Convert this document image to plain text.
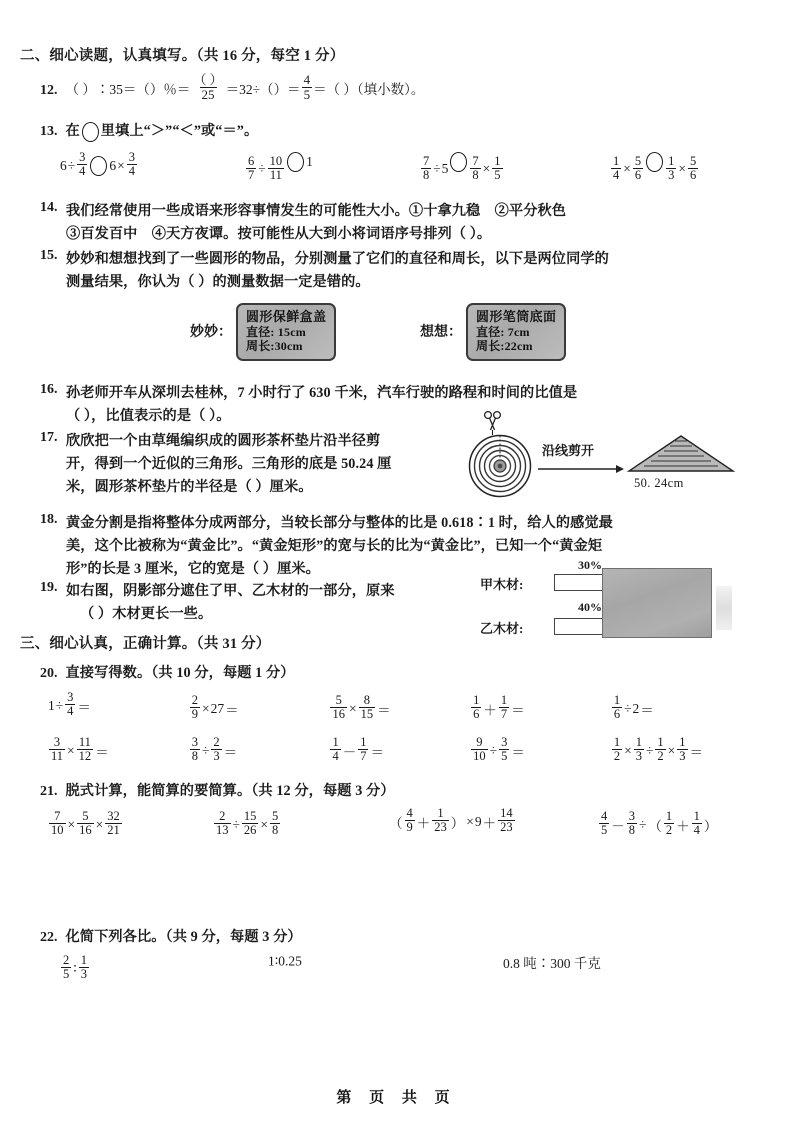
二、细心读题，认真填写。（共 16 分，每空 1 分）
12. （ ）∶35＝（ ）％＝ $\frac{( )}{25} =32\div$（ ）＝ $\frac{4}{5}$ ＝（ ）（填小数）。
13. 在 里填上“＞”“＜”或“＝”。
$6 \div \frac{3}{4} 6 \times \frac{3}{4}$	$\frac{6}{7} \div \frac{10}{11} 1$	$\frac{7}{8} \div 5 \frac{7}{8} \times \frac{1}{5}$	$\frac{1}{4} \times \frac{5}{6} \frac{1}{3} \times \frac{5}{6}$
14. 我们经常使用一些成语来形容事情发生的可能性大小。①十拿九稳　②平分秋色
③百发百中　④天方夜谭。按可能性从大到小将词语序号排列（ ）。
15. 妙妙和想想找到了一些圆形的物品，分别测量了它们的直径和周长，以下是两位同学的
测量结果，你认为（ ）的测量数据一定是错的。
妙妙：
圆形保鲜盒盖
直径: 15cm
周长:30cm
想想：
圆形笔筒底面
直径: 7cm
周长:22cm
16. 孙老师开车从深圳去桂林，7 小时行了 630 千米，汽车行驶的路程和时间的比值是
（ ），比值表示的是（ ）。
17. 欣欣把一个由草绳编织成的圆形茶杯垫片沿半径剪
开，得到一个近似的三角形。三角形的底是 50.24 厘
米，圆形茶杯垫片的半径是（ ）厘米。
沿线剪开
50. 24cm
18. 黄金分割是指将整体分成两部分，当较长部分与整体的比是 0.618∶1 时，给人的感觉最
美，这个比被称为“黄金比”。“黄金矩形”的宽与长的比为“黄金比”，已知一个“黄金矩
形”的长是 3 厘米，它的宽是（ ）厘米。
19. 如右图，阴影部分遮住了甲、乙木材的一部分，原来
（ ）木材更长一些。
30%
甲木材:
40%
乙木材:
三、细心认真，正确计算。（共 31 分）
20. 直接写得数。（共 10 分，每题 1 分）
$1 \div \frac{3}{4}$ ＝	$\frac{2}{9} \times 27$ ＝	$\frac{5}{16} \times \frac{8}{15}$ ＝	$\frac{1}{6} + \frac{1}{7}$ ＝	$\frac{1}{6} \div 2$ ＝
$\frac{3}{11} \times \frac{11}{12}$ ＝	$\frac{3}{8} \div \frac{2}{3}$ ＝	$\frac{1}{4} - \frac{1}{7}$ ＝	$\frac{9}{10} \div \frac{3}{5}$ ＝	$\frac{1}{2} \times \frac{1}{3} \div \frac{1}{2} \times \frac{1}{3}$ ＝
21. 脱式计算，能简算的要简算。（共 12 分，每题 3 分）
$\frac{7}{10} \times \frac{5}{16} \times \frac{32}{21}$	$\frac{2}{13} \div \frac{15}{26} \times \frac{5}{8}$	（ $\frac{4}{9} + \frac{1}{23}$ ） × $9 + \frac{14}{23}$	$\frac{4}{5} - \frac{3}{8}$ ÷ （ $\frac{1}{2} + \frac{1}{4}$ ）
22. 化简下列各比。（共 9 分，每题 3 分）
$\frac{2}{5}$ ∶ $\frac{1}{3}$	1∶0.25	0.8 吨∶300 千克
第 页 共 页
